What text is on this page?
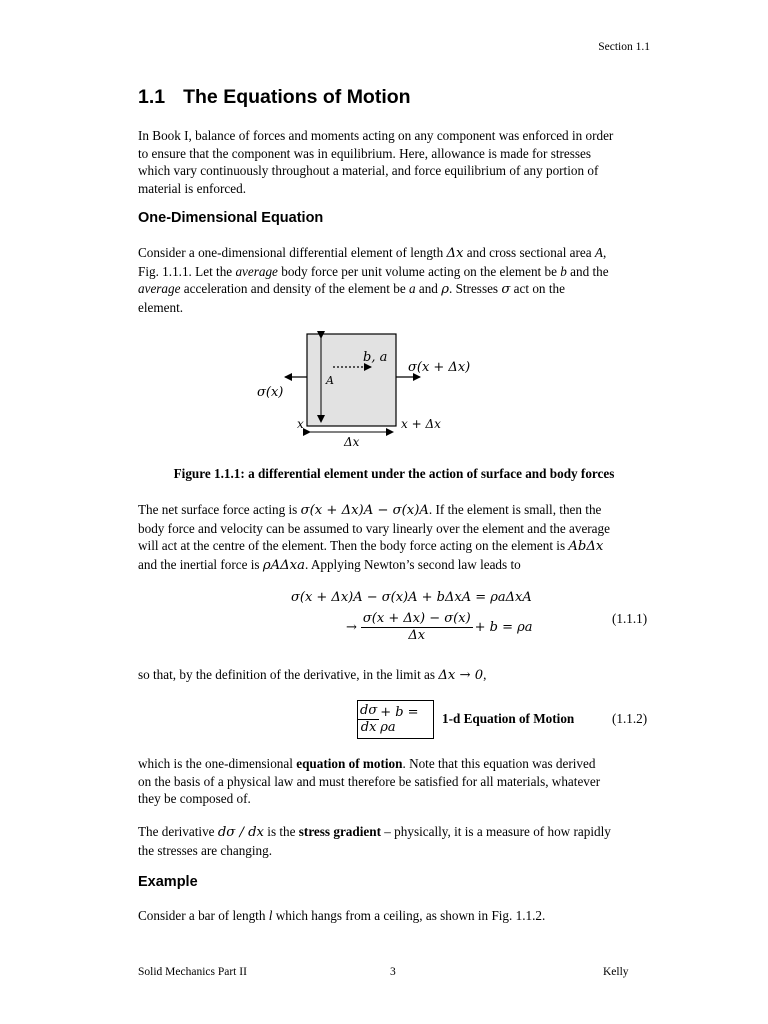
Section 1.1
1.1 The Equations of Motion
In Book I, balance of forces and moments acting on any component was enforced in order
to ensure that the component was in equilibrium. Here, allowance is made for stresses
which vary continuously throughout a material, and force equilibrium of any portion of
material is enforced.
One-Dimensional Equation
Consider a one-dimensional differential element of length Δx and cross sectional area A,
Fig. 1.1.1. Let the average body force per unit volume acting on the element be b and the
average acceleration and density of the element be a and ρ. Stresses σ act on the
element.
b, a
A
σ(x)
σ(x + Δx)
x	x + Δx
Δx
Figure 1.1.1: a differential element under the action of surface and body forces
The net surface force acting is σ(x + Δx)A − σ(x)A. If the element is small, then the
body force and velocity can be assumed to vary linearly over the element and the average
will act at the centre of the element. Then the body force acting on the element is AbΔx
and the inertial force is ρAΔxa. Applying Newton’s second law leads to
σ(x + Δx)A − σ(x)A + bΔxA = ρaΔxA
→ $\frac{\sigma(x + \Delta x) - \sigma(x)}{\Delta x} + b = \rho a$
(1.1.1)
so that, by the definition of the derivative, in the limit as Δx → 0,
$\frac{d\sigma}{dx} + b = \rho a$
1-d Equation of Motion	(1.1.2)
which is the one-dimensional equation of motion. Note that this equation was derived
on the basis of a physical law and must therefore be satisfied for all materials, whatever
they be composed of.
The derivative dσ / dx is the stress gradient – physically, it is a measure of how rapidly
the stresses are changing.
Example
Consider a bar of length l which hangs from a ceiling, as shown in Fig. 1.1.2.
Solid Mechanics Part II	3	Kelly
